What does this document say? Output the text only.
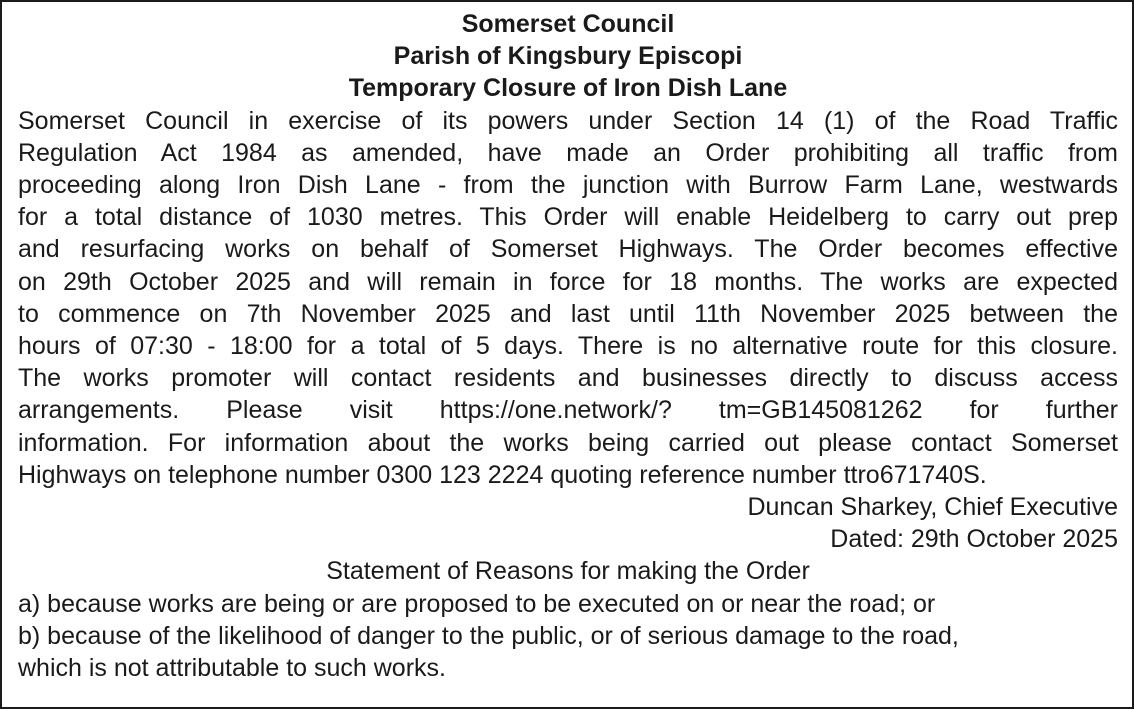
Somerset Council

Parish of Kingsbury Episcopi

Temporary Closure of Iron Dish Lane

Somerset Council in exercise of its powers under Section 14 (1) of the Road Traffic
Regulation Act 1984 as amended, have made an Order prohibiting all traffic from
proceeding along Iron Dish Lane - from the junction with Burrow Farm Lane, westwards
for a total distance of 1030 metres. This Order will enable Heidelberg to carry out prep
and resurfacing works on behalf of Somerset Highways. The Order becomes effective
on 29th October 2025 and will remain in force for 18 months. The works are expected
to commence on 7th November 2025 and last until 11th November 2025 between the
hours of 07:30 - 18:00 for a total of 5 days. There is no alternative route for this closure.
The works promoter will contact residents and businesses directly to discuss access
arrangements. Please visit https://one.network/? tm=GB145081262 for further
information. For information about the works being carried out please contact Somerset
Highways on telephone number 0300 123 2224 quoting reference number ttro671740S.

Duncan Sharkey, Chief Executive

Dated: 29th October 2025

Statement of Reasons for making the Order

a) because works are being or are proposed to be executed on or near the road; or

b) because of the likelihood of danger to the public, or of serious damage to the road,

which is not attributable to such works.
